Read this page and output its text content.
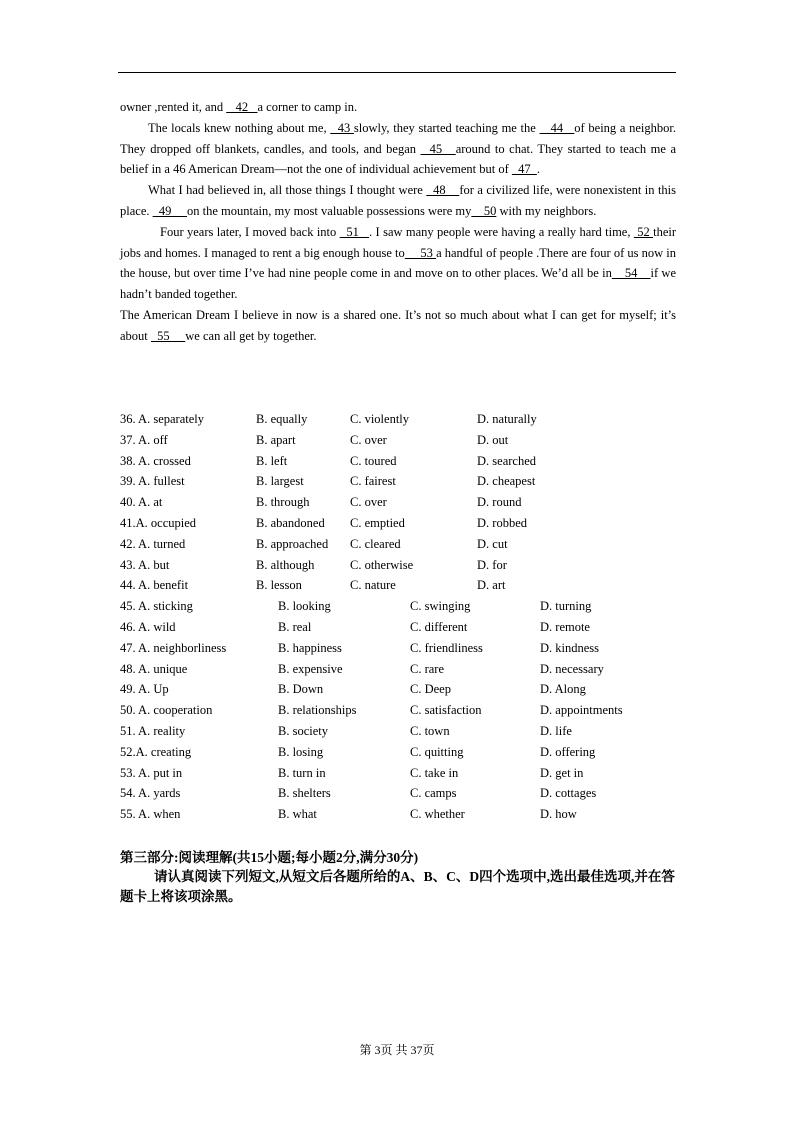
owner ,rented it, and    42   a corner to camp in.

The locals knew nothing about me,   43 slowly, they started teaching me the    44   of being a neighbor. They dropped off blankets, candles, and tools, and began   45   around to chat. They started to teach me a belief in a 46 American Dream—not the one of individual achievement but of   47  .

What I had believed in, all those things I thought were   48    for a civilized life, were nonexistent in this place.   49     on the mountain, my most valuable possessions were my    50 with my neighbors.

Four years later, I moved back into   51   . I saw many people were having a really hard time,  52 their jobs and homes. I managed to rent a big enough house to     53 a handful of people .There are four of us now in the house, but over time I’ve had nine people come in and move on to other places. We’d all be in    54    if we hadn’t banded together.

The American Dream I believe in now is a shared one. It’s not so much about what I can get for myself; it’s about   55     we can all get by together.

36. A. separately	B. equally	C. violently	D. naturally
37. A. off	B. apart	C. over	D. out
38. A. crossed	B. left	C. toured	D. searched
39. A. fullest	B. largest	C. fairest	D. cheapest
40. A. at	B. through	C. over	D. round
41.A. occupied	B. abandoned C. emptied	D. robbed
42. A. turned	B. approached C. cleared	D. cut
43. A. but	B. although	C. otherwise	D. for
44. A. benefit	B. lesson	C. nature	D. art
45. A. sticking	B. looking	C. swinging	D. turning
46. A. wild	B. real	C. different	D. remote
47. A. neighborliness	B. happiness	C. friendliness	D. kindness
48. A. unique	B. expensive	C. rare	D. necessary
49. A. Up	B. Down	C. Deep	D. Along
50. A. cooperation	B. relationships	C. satisfaction	D. appointments
51. A. reality	B. society	C. town	D. life
52.A. creating	B. losing	C. quitting	D. offering
53. A. put in	B. turn in	C. take in	D. get in
54. A. yards	B. shelters	C. camps	D. cottages
55. A. when	B. what	C. whether	D. how
第三部分:阅读理解(共15小题;每小题2分,满分30分)
请认真阅读下列短文,从短文后各题所给的A、B、C、D四个选项中,选出最佳选项,并在答题卡上将该项涂黑。
第 3页 共 37页
